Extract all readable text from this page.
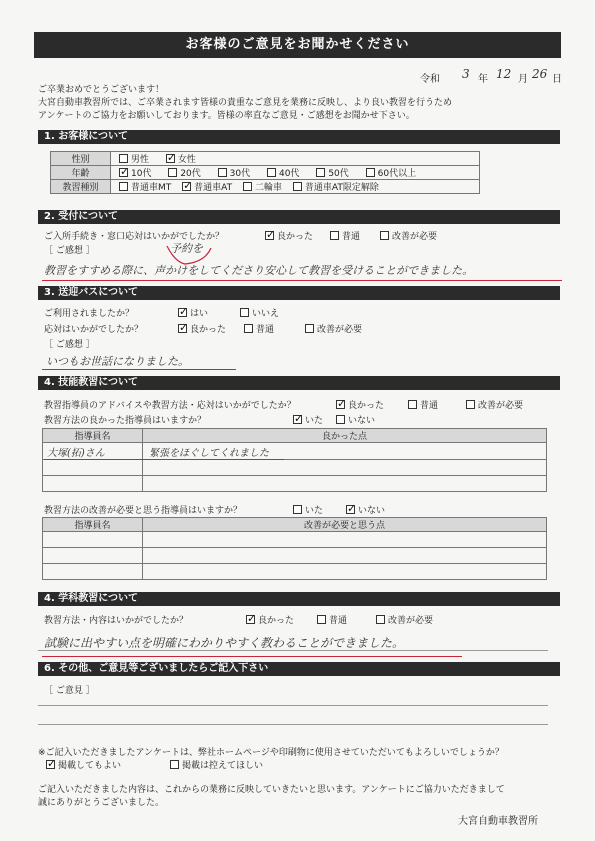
お客様のご意見をお聞かせください
令和 3 年 12 月 26 日
ご卒業おめでとうございます！
大宮自動車教習所では、ご卒業されます皆様の貴重なご意見を業務に反映し、より良い教習を行うため
アンケートのご協力をお願いしております。皆様の率直なご意見・ご感想をお聞かせ下さい。
1. お客様について
性別	男性 ✓ 女性
年齢	✓10代 20代 30代 40代 50代 60代以上
教習種別	普通車MT ✓ 普通車AT 二輪車 普通車AT限定解除
2. 受付について
ご入所手続き・窓口応対はいかがでしたか？ ✓	良かった	普通	改善が必要
［ ご感想 ］	予約を
教習をすすめる際に、声かけをしてくださり安心して教習を受けることができました。
3. 送迎バスについて
ご利用されましたか？ ✓	はい	いいえ
応対はいかがでしたか？ ✓	良かった	普通	改善が必要
［ ご感想 ］
いつもお世話になりました。
4. 技能教習について
教習指導員のアドバイスや教習方法・応対はいかがでしたか？ ✓	良かった	普通	改善が必要
教習方法の良かった指導員はいますか？ ✓	いた	いない
指導員名	良かった点
大塚(拓)さん	緊張をほぐしてくれました

教習方法の改善が必要と思う指導員はいますか？	いた ✓	いない
指導員名	改善が必要と思う点

4. 学科教習について
教習方法・内容はいかがでしたか？ ✓	良かった	普通	改善が必要
試験に出やすい点を明確にわかりやすく教わることができました。
6. その他、ご意見等ございましたらご記入下さい
［ ご意見 ］
※ご記入いただきましたアンケートは、弊社ホームページや印刷物に使用させていただいてもよろしいでしょうか？
✓掲載してもよい	掲載は控えてほしい
ご記入いただきました内容は、これからの業務に反映していきたいと思います。アンケートにご協力いただきまして
誠にありがとうございました。
大宮自動車教習所
